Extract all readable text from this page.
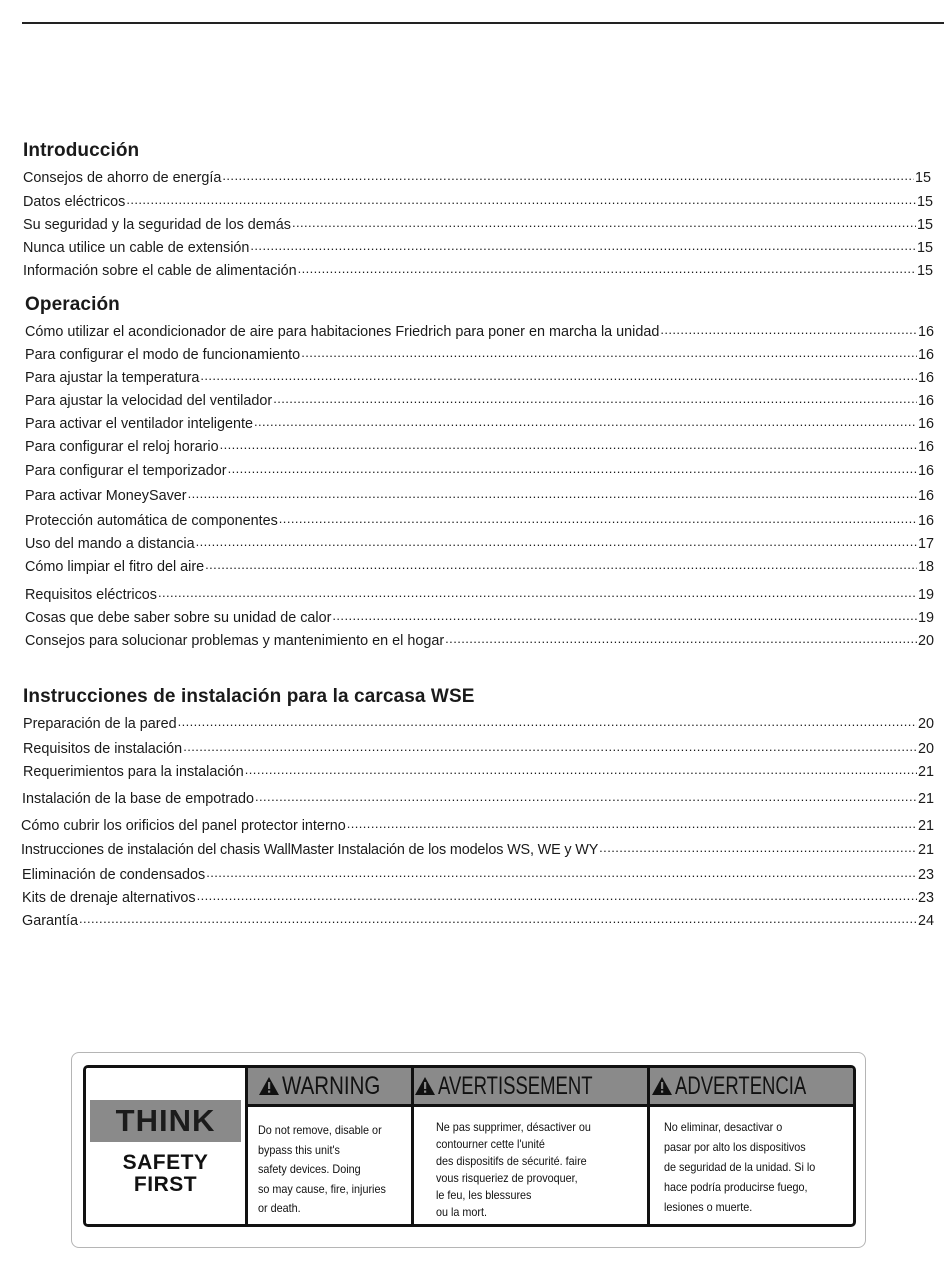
Introducción
Consejos de ahorro de energía .....	15
Datos eléctricos .....	15
Su seguridad y la seguridad de los demás .....	15
Nunca utilice un cable de extensión .....	15
Información sobre el cable de alimentación .....	15
Operación
Cómo utilizar el acondicionador de aire para habitaciones Friedrich para poner en marcha la unidad .....	16
Para configurar el modo de funcionamiento .....	16
Para ajustar la temperatura .....	16
Para ajustar la velocidad del ventilador .....	16
Para activar el ventilador inteligente .....	16
Para configurar el reloj horario .....	16
Para configurar el temporizador .....	16
Para activar MoneySaver .....	16
Protección automática de componentes .....	16
Uso del mando a distancia .....	17
Cómo limpiar el fitro del aire .....	18
Requisitos eléctricos .....	19
Cosas que debe saber sobre su unidad de calor .....	19
Consejos para solucionar problemas y mantenimiento en el hogar .....	20
Instrucciones de instalación para la carcasa WSE
Preparación de la pared .....	20
Requisitos de instalación .....	20
Requerimientos para la instalación .....	21
Instalación de la base de empotrado .....	21
Cómo cubrir los orificios del panel protector interno .....	21
Instrucciones de instalación del chasis WallMaster Instalación de los modelos WS, WE y WY .....	21
Eliminación de condensados .....	23
Kits de drenaje alternativos .....	23
Garantía .....	24
THINK
SAFETY
FIRST
WARNING
Do not remove, disable or
bypass this unit's
safety devices. Doing
so may cause, fire, injuries
or death.
AVERTISSEMENT
Ne pas supprimer, désactiver ou
contourner cette l'unité
des dispositifs de sécurité. faire
vous risqueriez de provoquer,
le feu, les blessures
ou la mort.
ADVERTENCIA
No eliminar, desactivar o
pasar por alto los dispositivos
de seguridad de la unidad. Si lo
hace podría producirse fuego,
lesiones o muerte.
